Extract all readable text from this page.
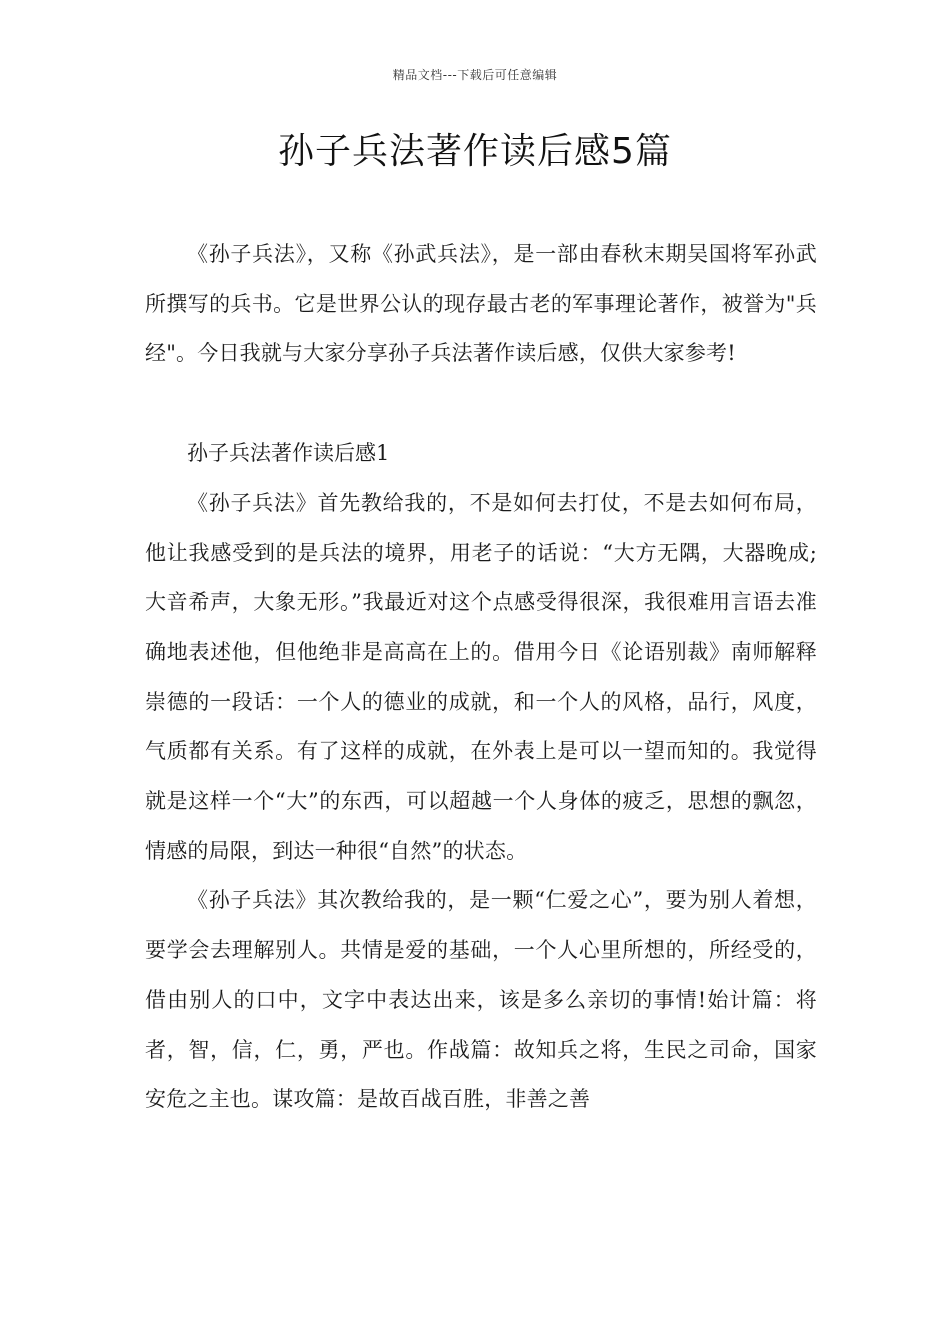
精品文档---下载后可任意编辑
孙子兵法著作读后感5篇

《孙子兵法》，又称《孙武兵法》，是一部由春秋末期吴国将军孙武所撰写的兵书。它是世界公认的现存最古老的军事理论著作，被誉为"兵经"。今日我就与大家分享孙子兵法著作读后感，仅供大家参考!

孙子兵法著作读后感1

《孙子兵法》首先教给我的，不是如何去打仗，不是去如何布局，他让我感受到的是兵法的境界，用老子的话说：“大方无隅，大器晚成;大音希声，大象无形。”我最近对这个点感受得很深，我很难用言语去准确地表述他，但他绝非是高高在上的。借用今日《论语别裁》南师解释崇德的一段话：一个人的德业的成就，和一个人的风格，品行，风度，气质都有关系。有了这样的成就，在外表上是可以一望而知的。我觉得就是这样一个“大”的东西，可以超越一个人身体的疲乏，思想的飘忽，情感的局限，到达一种很“自然”的状态。

《孙子兵法》其次教给我的，是一颗“仁爱之心”，要为别人着想，要学会去理解别人。共情是爱的基础，一个人心里所想的，所经受的，借由别人的口中，文字中表达出来，该是多么亲切的事情!始计篇：将者，智，信，仁，勇，严也。作战篇：故知兵之将，生民之司命，国家安危之主也。谋攻篇：是故百战百胜，非善之善
